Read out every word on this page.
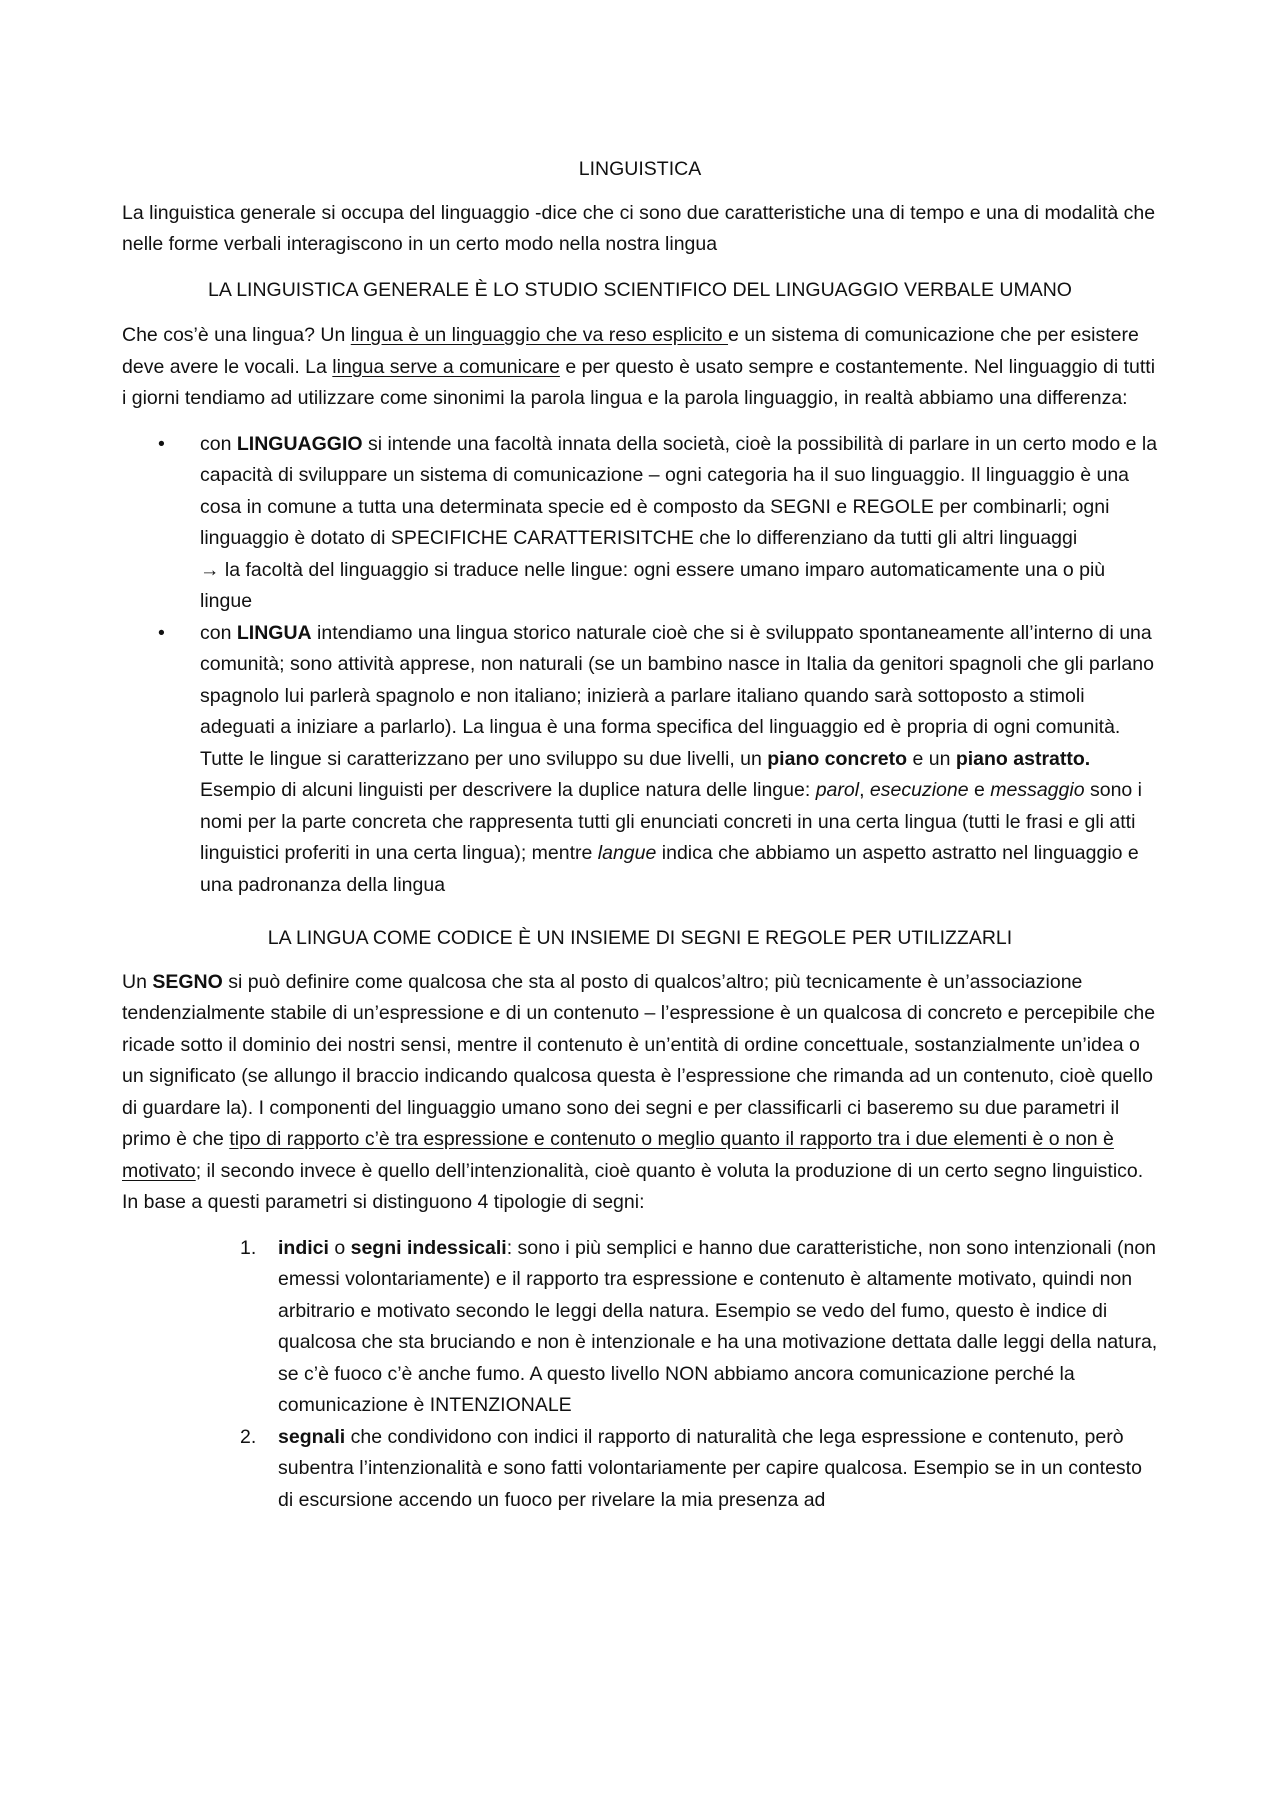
LINGUISTICA

La linguistica generale si occupa del linguaggio -dice che ci sono due caratteristiche una di tempo e una di modalità che nelle forme verbali interagiscono in un certo modo nella nostra lingua

LA LINGUISTICA GENERALE È LO STUDIO SCIENTIFICO DEL LINGUAGGIO VERBALE UMANO

Che cos’è una lingua? Un lingua è un linguaggio che va reso esplicito e un sistema di comunicazione che per esistere deve avere le vocali. La lingua serve a comunicare e per questo è usato sempre e costantemente. Nel linguaggio di tutti i giorni tendiamo ad utilizzare come sinonimi la parola lingua e la parola linguaggio, in realtà abbiamo una differenza:

• con LINGUAGGIO si intende una facoltà innata della società, cioè la possibilità di parlare in un certo modo e la capacità di sviluppare un sistema di comunicazione – ogni categoria ha il suo linguaggio. Il linguaggio è una cosa in comune a tutta una determinata specie ed è composto da SEGNI e REGOLE per combinarli; ogni linguaggio è dotato di SPECIFICHE CARATTERISITCHE che lo differenziano da tutti gli altri linguaggi
→ la facoltà del linguaggio si traduce nelle lingue: ogni essere umano imparo automaticamente una o più lingue
• con LINGUA intendiamo una lingua storico naturale cioè che si è sviluppato spontaneamente all’interno di una comunità; sono attività apprese, non naturali (se un bambino nasce in Italia da genitori spagnoli che gli parlano spagnolo lui parlerà spagnolo e non italiano; inizierà a parlare italiano quando sarà sottoposto a stimoli adeguati a iniziare a parlarlo). La lingua è una forma specifica del linguaggio ed è propria di ogni comunità. Tutte le lingue si caratterizzano per uno sviluppo su due livelli, un piano concreto e un piano astratto. Esempio di alcuni linguisti per descrivere la duplice natura delle lingue: parol, esecuzione e messaggio sono i nomi per la parte concreta che rappresenta tutti gli enunciati concreti in una certa lingua (tutti le frasi e gli atti linguistici proferiti in una certa lingua); mentre langue indica che abbiamo un aspetto astratto nel linguaggio e una padronanza della lingua

LA LINGUA COME CODICE È UN INSIEME DI SEGNI E REGOLE PER UTILIZZARLI

Un SEGNO si può definire come qualcosa che sta al posto di qualcos’altro; più tecnicamente è un’associazione tendenzialmente stabile di un’espressione e di un contenuto – l’espressione è un qualcosa di concreto e percepibile che ricade sotto il dominio dei nostri sensi, mentre il contenuto è un’entità di ordine concettuale, sostanzialmente un’idea o un significato (se allungo il braccio indicando qualcosa questa è l’espressione che rimanda ad un contenuto, cioè quello di guardare la). I componenti del linguaggio umano sono dei segni e per classificarli ci baseremo su due parametri il primo è che tipo di rapporto c’è tra espressione e contenuto o meglio quanto il rapporto tra i due elementi è o non è motivato; il secondo invece è quello dell’intenzionalità, cioè quanto è voluta la produzione di un certo segno linguistico. In base a questi parametri si distinguono 4 tipologie di segni:

1. indici o segni indessicali: sono i più semplici e hanno due caratteristiche, non sono intenzionali (non emessi volontariamente) e il rapporto tra espressione e contenuto è altamente motivato, quindi non arbitrario e motivato secondo le leggi della natura. Esempio se vedo del fumo, questo è indice di qualcosa che sta bruciando e non è intenzionale e ha una motivazione dettata dalle leggi della natura, se c’è fuoco c’è anche fumo. A questo livello NON abbiamo ancora comunicazione perché la comunicazione è INTENZIONALE
2. segnali che condividono con indici il rapporto di naturalità che lega espressione e contenuto, però subentra l’intenzionalità e sono fatti volontariamente per capire qualcosa. Esempio se in un contesto di escursione accendo un fuoco per rivelare la mia presenza ad
